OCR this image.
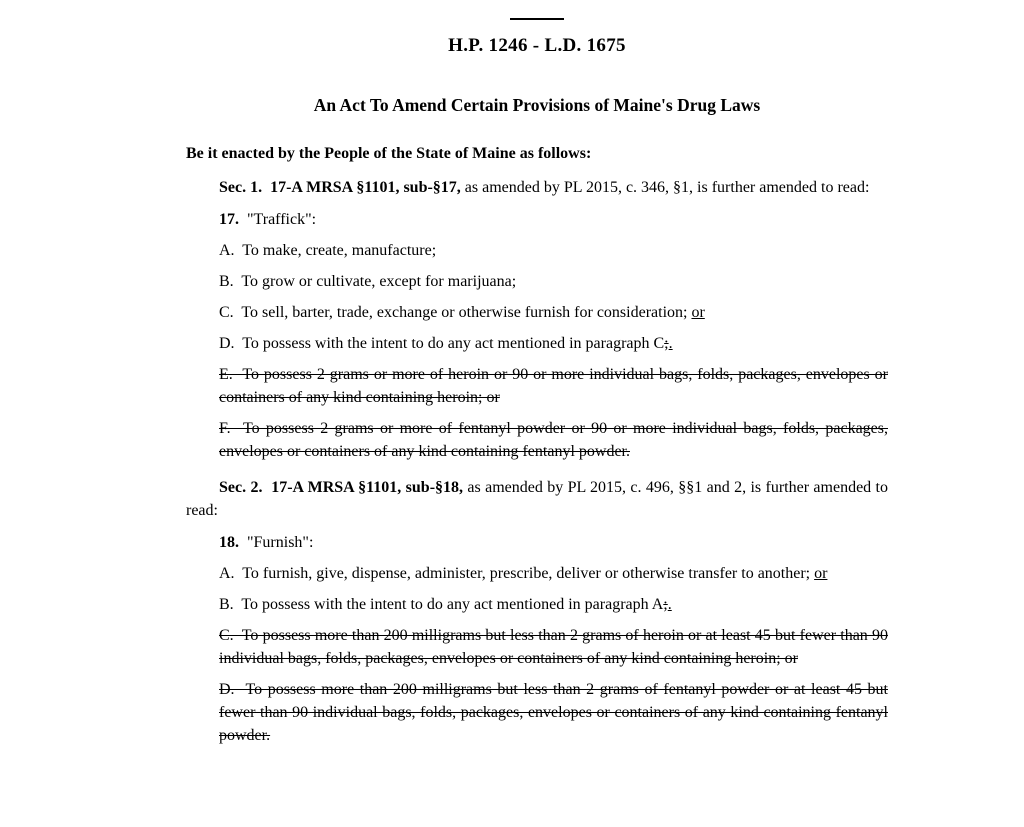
H.P. 1246 - L.D. 1675
An Act To Amend Certain Provisions of Maine's Drug Laws

Be it enacted by the People of the State of Maine as follows:

Sec. 1.  17-A MRSA §1101, sub-§17, as amended by PL 2015, c. 346, §1, is further amended to read:

17.  "Traffick":

A.  To make, create, manufacture;

B.  To grow or cultivate, except for marijuana;

C.  To sell, barter, trade, exchange or otherwise furnish for consideration; or

D.  To possess with the intent to do any act mentioned in paragraph C;.

E.  To possess 2 grams or more of heroin or 90 or more individual bags, folds, packages, envelopes or containers of any kind containing heroin; or

F.  To possess 2 grams or more of fentanyl powder or 90 or more individual bags, folds, packages, envelopes or containers of any kind containing fentanyl powder.

Sec. 2.  17-A MRSA §1101, sub-§18, as amended by PL 2015, c. 496, §§1 and 2, is further amended to read:

18.  "Furnish":

A.  To furnish, give, dispense, administer, prescribe, deliver or otherwise transfer to another; or

B.  To possess with the intent to do any act mentioned in paragraph A;.

C.  To possess more than 200 milligrams but less than 2 grams of heroin or at least 45 but fewer than 90 individual bags, folds, packages, envelopes or containers of any kind containing heroin; or

D.  To possess more than 200 milligrams but less than 2 grams of fentanyl powder or at least 45 but fewer than 90 individual bags, folds, packages, envelopes or containers of any kind containing fentanyl powder.
